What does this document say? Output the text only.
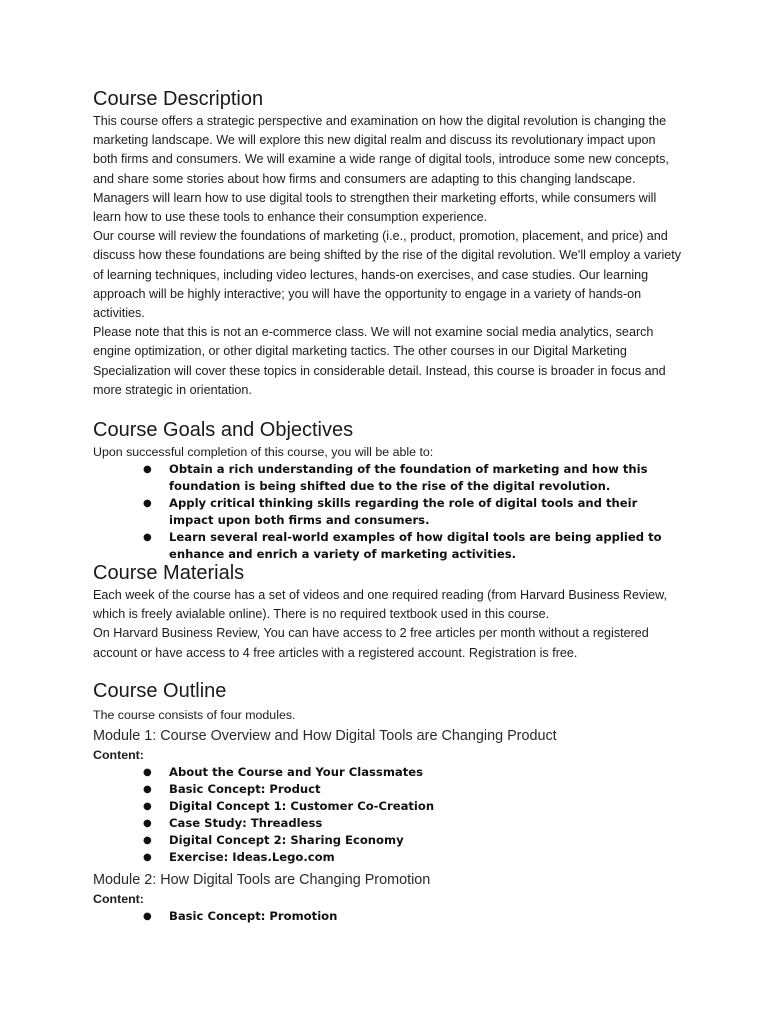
Course Description

This course offers a strategic perspective and examination on how the digital revolution is changing the marketing landscape. We will explore this new digital realm and discuss its revolutionary impact upon both firms and consumers. We will examine a wide range of digital tools, introduce some new concepts, and share some stories about how firms and consumers are adapting to this changing landscape. Managers will learn how to use digital tools to strengthen their marketing efforts, while consumers will learn how to use these tools to enhance their consumption experience.

Our course will review the foundations of marketing (i.e., product, promotion, placement, and price) and discuss how these foundations are being shifted by the rise of the digital revolution. We'll employ a variety of learning techniques, including video lectures, hands-on exercises, and case studies. Our learning approach will be highly interactive; you will have the opportunity to engage in a variety of hands-on activities.

Please note that this is not an e-commerce class. We will not examine social media analytics, search engine optimization, or other digital marketing tactics. The other courses in our Digital Marketing Specialization will cover these topics in considerable detail. Instead, this course is broader in focus and more strategic in orientation.

Course Goals and Objectives

Upon successful completion of this course, you will be able to:

● Obtain a rich understanding of the foundation of marketing and how this foundation is being shifted due to the rise of the digital revolution.
● Apply critical thinking skills regarding the role of digital tools and their impact upon both firms and consumers.
● Learn several real-world examples of how digital tools are being applied to enhance and enrich a variety of marketing activities.
Course Materials

Each week of the course has a set of videos and one required reading (from Harvard Business Review, which is freely avialable online). There is no required textbook used in this course.

On Harvard Business Review, You can have access to 2 free articles per month without a registered account or have access to 4 free articles with a registered account. Registration is free.

Course Outline

The course consists of four modules.

Module 1: Course Overview and How Digital Tools are Changing Product

Content:

● About the Course and Your Classmates
● Basic Concept: Product
● Digital Concept 1: Customer Co-Creation
● Case Study: Threadless
● Digital Concept 2: Sharing Economy
● Exercise: Ideas.Lego.com
Module 2: How Digital Tools are Changing Promotion

Content:

● Basic Concept: Promotion
